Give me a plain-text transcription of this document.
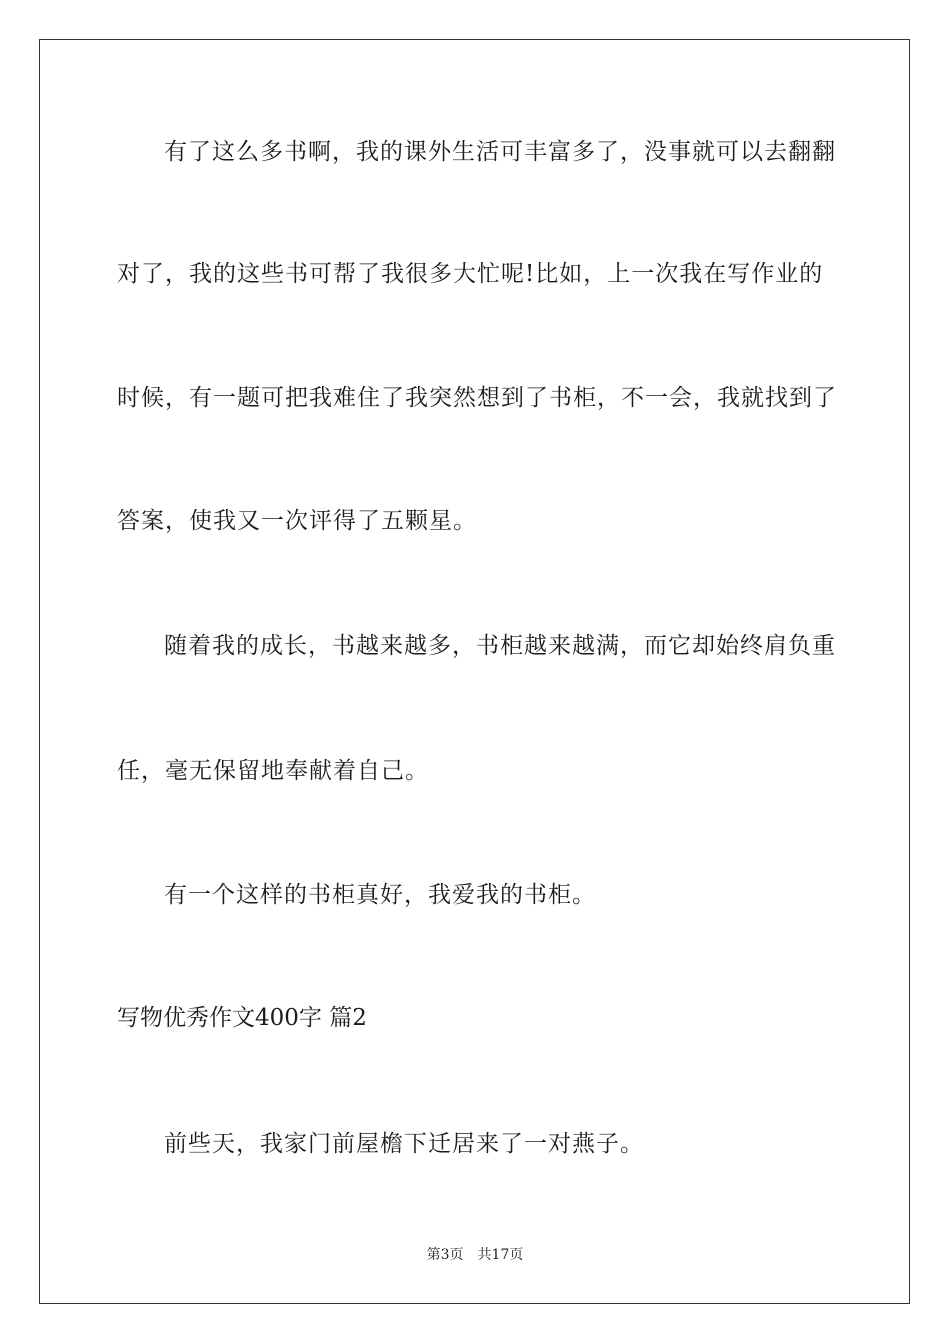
有了这么多书啊，我的课外生活可丰富多了，没事就可以去翻翻
对了，我的这些书可帮了我很多大忙呢!比如，上一次我在写作业的
时候，有一题可把我难住了我突然想到了书柜，不一会，我就找到了
答案，使我又一次评得了五颗星。
随着我的成长，书越来越多，书柜越来越满，而它却始终肩负重
任，毫无保留地奉献着自己。
有一个这样的书柜真好，我爱我的书柜。
写物优秀作文400字 篇2
前些天，我家门前屋檐下迁居来了一对燕子。
第3页 共17页
